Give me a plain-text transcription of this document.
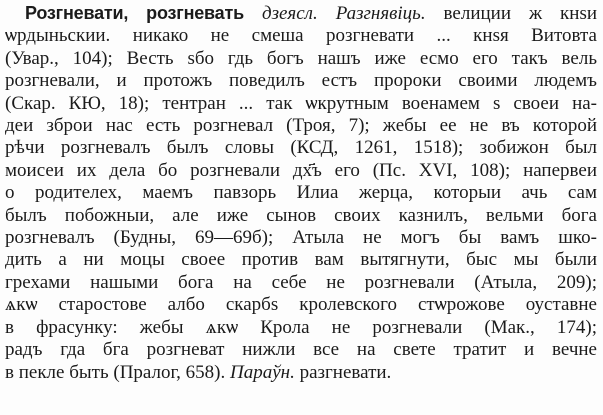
Розгневати, розгневать дзеясл. Разгнявіць. велиции ж кнѕи
ѡрдыньскии. никако не смеша розгневати ... кнѕя Витовта
(Увар., 104); Весть ѕбо гдь богъ нашъ иже есмо его такъ вель
розгневали, и протожъ поведилъ естъ пророки своими людемъ
(Скар. КЮ, 18); тентран ... так ѡкрутным военамем ѕ своеи на-
деи зброи нас есть розгневал (Троя, 7); жебы ее не въ которой
рѣчи розгневалъ былъ словы (КСД, 1261, 1518); зобижон был
моисеи их дела бо розгневали дх҃ъ его (Пс. XVI, 108); напервеи
о родителех, маемъ павзорь Илиа жерца, которыи ачь сам
былъ побожныи, але иже сынов своих казнилъ, вельми бога
розгневалъ (Будны, 69—69б); Атыла не могъ бы вамъ шко-
дить а ни моцы своее против вам вытягнути, быс мы были
грехами нашыми бога на себе не розгневали (Атыла, 209);
ѧкѡ старостове албо скарбѕ кролевского стѡрожове оуставне
в фрасунку: жебы ѧкѡ Крола не розгневали (Мак., 174);
радъ гда бга розгневат нижли все на свете тратит и вечне
в пекле быть (Пралог, 658). Параўн. разгневати.
